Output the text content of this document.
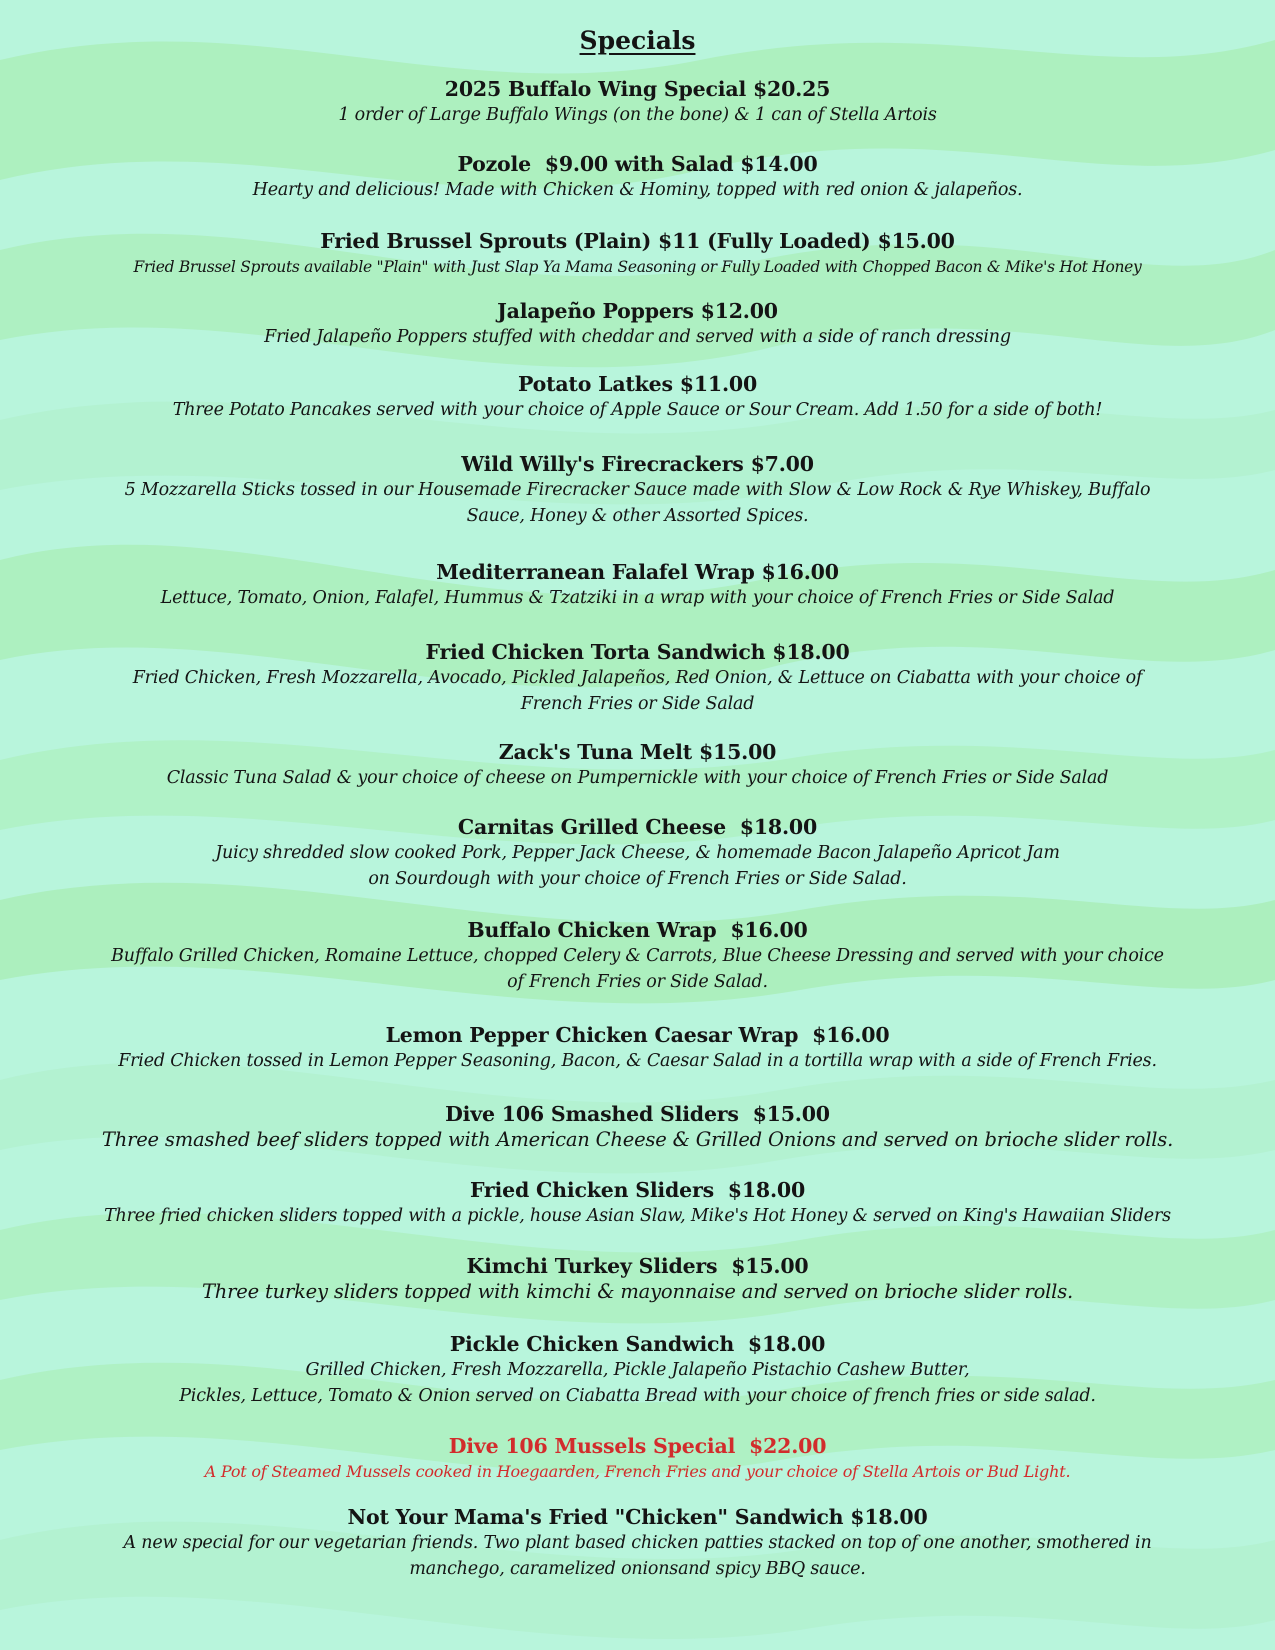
Specials
2025 Buffalo Wing Special $20.25
1 order of Large Buffalo Wings (on the bone) & 1 can of Stella Artois
Pozole  $9.00 with Salad $14.00
Hearty and delicious! Made with Chicken & Hominy, topped with red onion & jalapeños.
Fried Brussel Sprouts (Plain) $11 (Fully Loaded) $15.00
Fried Brussel Sprouts available "Plain" with Just Slap Ya Mama Seasoning or Fully Loaded with Chopped Bacon & Mike's Hot Honey
Jalapeño Poppers $12.00
Fried Jalapeño Poppers stuffed with cheddar and served with a side of ranch dressing
Potato Latkes $11.00
Three Potato Pancakes served with your choice of Apple Sauce or Sour Cream. Add 1.50 for a side of both!
Wild Willy's Firecrackers $7.00
5 Mozzarella Sticks tossed in our Housemade Firecracker Sauce made with Slow & Low Rock & Rye Whiskey, Buffalo
Sauce, Honey & other Assorted Spices.
Mediterranean Falafel Wrap $16.00
Lettuce, Tomato, Onion, Falafel, Hummus & Tzatziki in a wrap with your choice of French Fries or Side Salad
Fried Chicken Torta Sandwich $18.00
Fried Chicken, Fresh Mozzarella, Avocado, Pickled Jalapeños, Red Onion, & Lettuce on Ciabatta with your choice of
French Fries or Side Salad
Zack's Tuna Melt $15.00
Classic Tuna Salad & your choice of cheese on Pumpernickle with your choice of French Fries or Side Salad
Carnitas Grilled Cheese  $18.00
Juicy shredded slow cooked Pork, Pepper Jack Cheese, & homemade Bacon Jalapeño Apricot Jam
on Sourdough with your choice of French Fries or Side Salad.
Buffalo Chicken Wrap  $16.00
Buffalo Grilled Chicken, Romaine Lettuce, chopped Celery & Carrots, Blue Cheese Dressing and served with your choice
of French Fries or Side Salad.
Lemon Pepper Chicken Caesar Wrap  $16.00
Fried Chicken tossed in Lemon Pepper Seasoning, Bacon, & Caesar Salad in a tortilla wrap with a side of French Fries.
Dive 106 Smashed Sliders  $15.00
Three smashed beef sliders topped with American Cheese & Grilled Onions and served on brioche slider rolls.
Fried Chicken Sliders  $18.00
Three fried chicken sliders topped with a pickle, house Asian Slaw, Mike's Hot Honey & served on King's Hawaiian Sliders
Kimchi Turkey Sliders  $15.00
Three turkey sliders topped with kimchi & mayonnaise and served on brioche slider rolls.
Pickle Chicken Sandwich  $18.00
Grilled Chicken, Fresh Mozzarella, Pickle Jalapeño Pistachio Cashew Butter,
Pickles, Lettuce, Tomato & Onion served on Ciabatta Bread with your choice of french fries or side salad.
Dive 106 Mussels Special  $22.00
A Pot of Steamed Mussels cooked in Hoegaarden, French Fries and your choice of Stella Artois or Bud Light.
Not Your Mama's Fried "Chicken" Sandwich $18.00
A new special for our vegetarian friends. Two plant based chicken patties stacked on top of one another, smothered in
manchego, caramelized onionsand spicy BBQ sauce.
